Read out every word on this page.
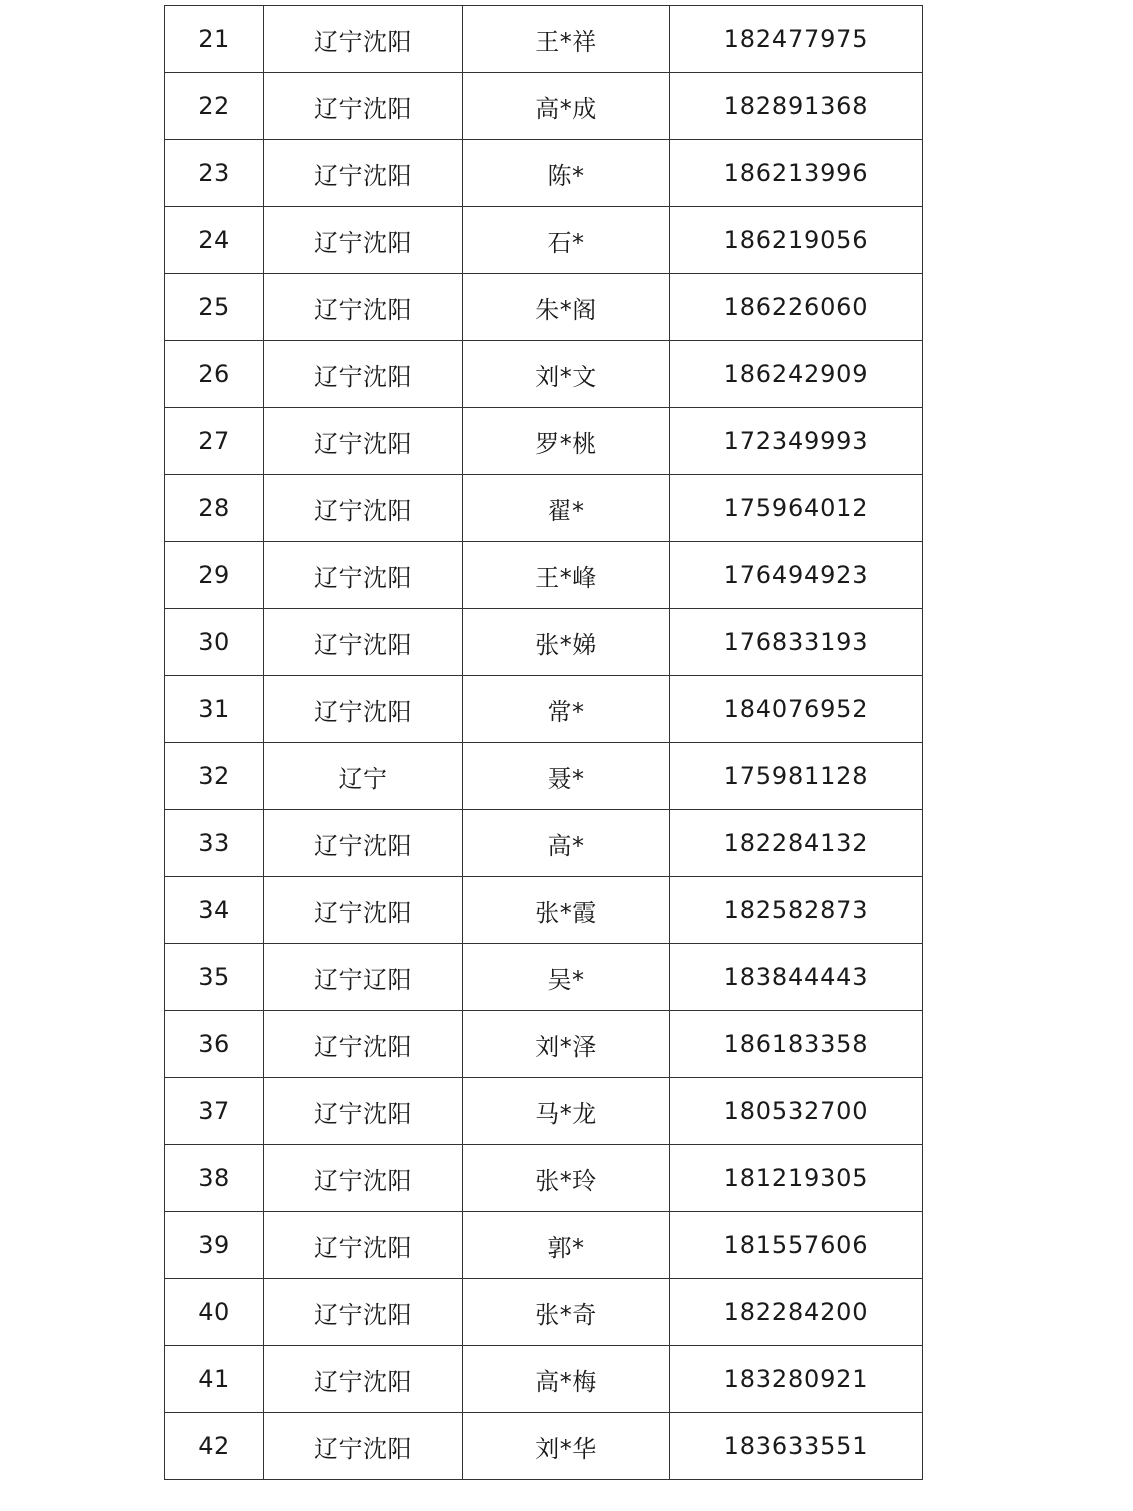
21	辽宁沈阳	王*祥	182477975
22	辽宁沈阳	高*成	182891368
23	辽宁沈阳	陈*	186213996
24	辽宁沈阳	石*	186219056
25	辽宁沈阳	朱*阁	186226060
26	辽宁沈阳	刘*文	186242909
27	辽宁沈阳	罗*桃	172349993
28	辽宁沈阳	翟*	175964012
29	辽宁沈阳	王*峰	176494923
30	辽宁沈阳	张*娣	176833193
31	辽宁沈阳	常*	184076952
32	辽宁	聂*	175981128
33	辽宁沈阳	高*	182284132
34	辽宁沈阳	张*霞	182582873
35	辽宁辽阳	吴*	183844443
36	辽宁沈阳	刘*泽	186183358
37	辽宁沈阳	马*龙	180532700
38	辽宁沈阳	张*玲	181219305
39	辽宁沈阳	郭*	181557606
40	辽宁沈阳	张*奇	182284200
41	辽宁沈阳	高*梅	183280921
42	辽宁沈阳	刘*华	183633551
